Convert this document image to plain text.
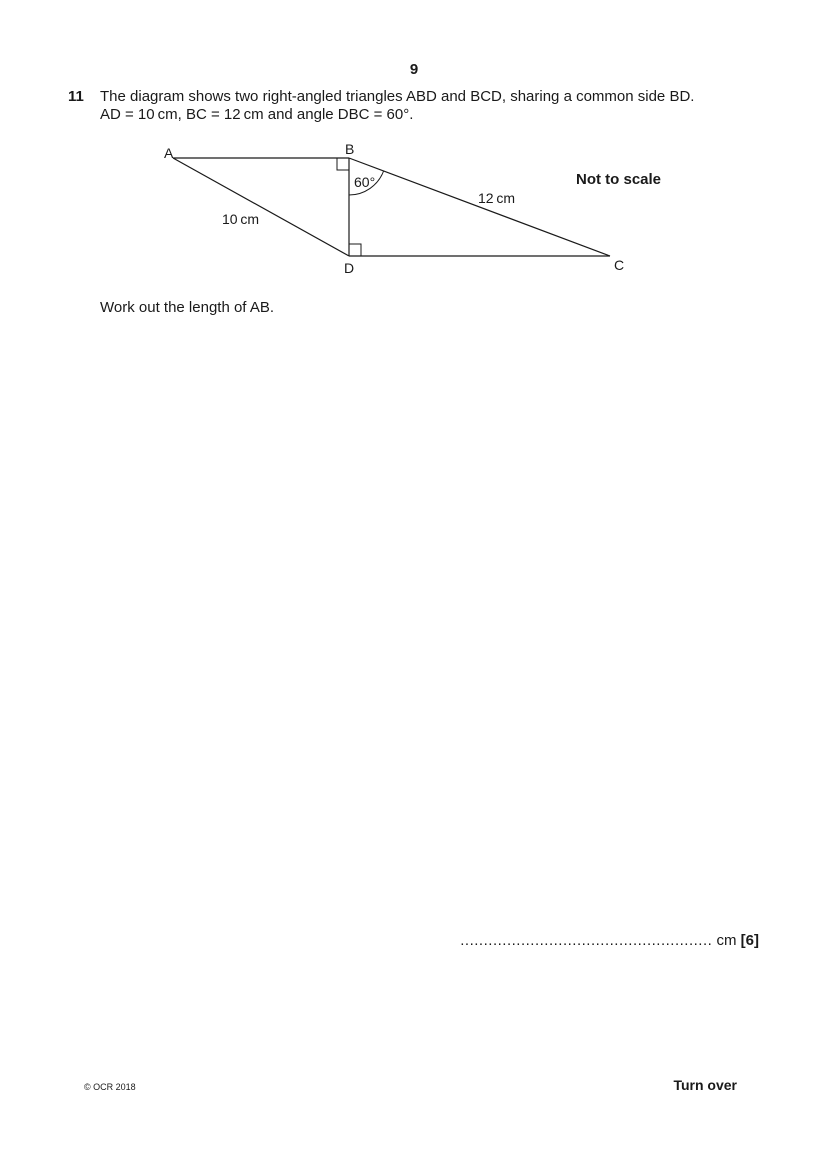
9
11 The diagram shows two right-angled triangles ABD and BCD, sharing a common side BD.
AD = 10 cm, BC = 12 cm and angle DBC = 60°.
A	B
C
D
10 cm
12 cm
60°	Not to scale
Work out the length of AB.
...................................................... cm [6]
© OCR 2018	Turn over
